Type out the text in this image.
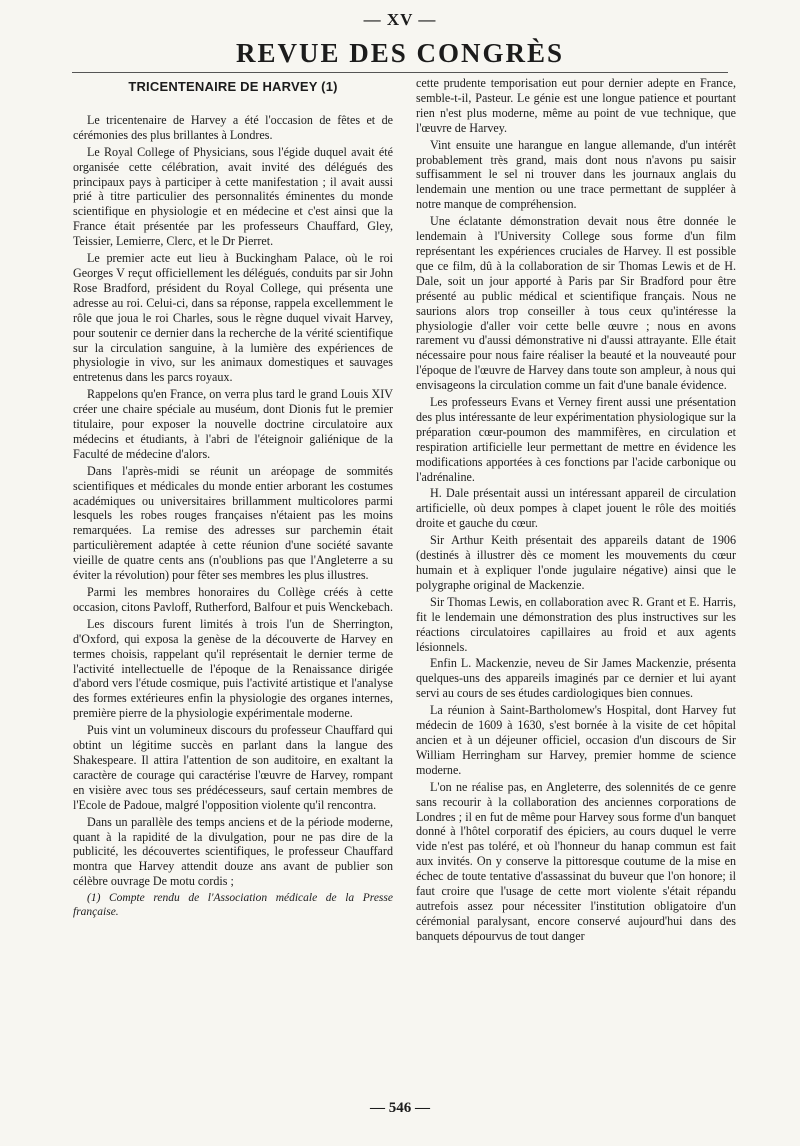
— XV —
REVUE DES CONGRÈS
TRICENTENAIRE DE HARVEY (1)

Le tricentenaire de Harvey a été l'occasion de fêtes et de cérémonies des plus brillantes à Londres.

Le Royal College of Physicians, sous l'égide duquel avait été organisée cette célébration, avait invité des délégués des principaux pays à participer à cette manifestation ; il avait aussi prié à titre particulier des personnalités éminentes du monde scientifique en physiologie et en médecine et c'est ainsi que la France était présentée par les professeurs Chauffard, Gley, Teissier, Lemierre, Clerc, et le Dr Pierret.

Le premier acte eut lieu à Buckingham Palace, où le roi Georges V reçut officiellement les délégués, conduits par sir John Rose Bradford, président du Royal College, qui présenta une adresse au roi. Celui-ci, dans sa réponse, rappela excellemment le rôle que joua le roi Charles, sous le règne duquel vivait Harvey, pour soutenir ce dernier dans la recherche de la vérité scientifique sur la circulation sanguine, à la lumière des expériences de physiologie in vivo, sur les animaux domestiques et sauvages entretenus dans les parcs royaux.

Rappelons qu'en France, on verra plus tard le grand Louis XIV créer une chaire spéciale au muséum, dont Dionis fut le premier titulaire, pour exposer la nouvelle doctrine circulatoire aux médecins et étudiants, à l'abri de l'éteignoir galiénique de la Faculté de médecine d'alors.

Dans l'après-midi se réunit un aréopage de sommités scientifiques et médicales du monde entier arborant les costumes académiques ou universitaires brillamment multicolores parmi lesquels les robes rouges françaises n'étaient pas les moins remarquées. La remise des adresses sur parchemin était particulièrement adaptée à cette réunion d'une société savante vieille de quatre cents ans (n'oublions pas que l'Angleterre a su éviter la révolution) pour fêter ses membres les plus illustres.

Parmi les membres honoraires du Collège créés à cette occasion, citons Pavloff, Rutherford, Balfour et puis Wenckebach.

Les discours furent limités à trois l'un de Sherrington, d'Oxford, qui exposa la genèse de la découverte de Harvey en termes choisis, rappelant qu'il représentait le dernier terme de l'activité intellectuelle de l'époque de la Renaissance dirigée d'abord vers l'étude cosmique, puis l'activité artistique et l'analyse des formes extérieures enfin la physiologie des organes internes, première pierre de la physiologie expérimentale moderne.

Puis vint un volumineux discours du professeur Chauffard qui obtint un légitime succès en parlant dans la langue des Shakespeare. Il attira l'attention de son auditoire, en exaltant la caractère de courage qui caractérise l'œuvre de Harvey, rompant en visière avec tous ses prédécesseurs, sauf certain membres de l'Ecole de Padoue, malgré l'opposition violente qu'il rencontra.

Dans un parallèle des temps anciens et de la période moderne, quant à la rapidité de la divulgation, pour ne pas dire de la publicité, les découvertes scientifiques, le professeur Chauffard montra que Harvey attendit douze ans avant de publier son célèbre ouvrage De motu cordis ;

(1) Compte rendu de l'Association médicale de la Presse française.

cette prudente temporisation eut pour dernier adepte en France, semble-t-il, Pasteur. Le génie est une longue patience et pourtant rien n'est plus moderne, même au point de vue technique, que l'œuvre de Harvey.

Vint ensuite une harangue en langue allemande, d'un intérêt probablement très grand, mais dont nous n'avons pu saisir suffisamment le sel ni trouver dans les journaux anglais du lendemain une mention ou une trace permettant de suppléer à notre manque de compréhension.

Une éclatante démonstration devait nous être donnée le lendemain à l'University College sous forme d'un film représentant les expériences cruciales de Harvey. Il est possible que ce film, dû à la collaboration de sir Thomas Lewis et de H. Dale, soit un jour apporté à Paris par Sir Bradford pour être présenté au public médical et scientifique français. Nous ne saurions alors trop conseiller à tous ceux qu'intéresse la physiologie d'aller voir cette belle œuvre ; nous en avons rarement vu d'aussi démonstrative ni d'aussi attrayante. Elle était nécessaire pour nous faire réaliser la beauté et la nouveauté pour l'époque de l'œuvre de Harvey dans toute son ampleur, à nous qui envisageons la circulation comme un fait d'une banale évidence.

Les professeurs Evans et Verney firent aussi une présentation des plus intéressante de leur expérimentation physiologique sur la préparation cœur-poumon des mammifères, en circulation et respiration artificielle leur permettant de mettre en évidence les modifications apportées à ces fonctions par l'acide carbonique ou l'adrénaline.

H. Dale présentait aussi un intéressant appareil de circulation artificielle, où deux pompes à clapet jouent le rôle des moitiés droite et gauche du cœur.

Sir Arthur Keith présentait des appareils datant de 1906 (destinés à illustrer dès ce moment les mouvements du cœur humain et à expliquer l'onde jugulaire négative) ainsi que le polygraphe original de Mackenzie.

Sir Thomas Lewis, en collaboration avec R. Grant et E. Harris, fit le lendemain une démonstration des plus instructives sur les réactions circulatoires capillaires au froid et aux agents lésionnels.

Enfin L. Mackenzie, neveu de Sir James Mackenzie, présenta quelques-uns des appareils imaginés par ce dernier et lui ayant servi au cours de ses études cardiologiques bien connues.

La réunion à Saint-Bartholomew's Hospital, dont Harvey fut médecin de 1609 à 1630, s'est bornée à la visite de cet hôpital ancien et à un déjeuner officiel, occasion d'un discours de Sir William Herringham sur Harvey, premier homme de science moderne.

L'on ne réalise pas, en Angleterre, des solennités de ce genre sans recourir à la collaboration des anciennes corporations de Londres ; il en fut de même pour Harvey sous forme d'un banquet donné à l'hôtel corporatif des épiciers, au cours duquel le verre vide n'est pas toléré, et où l'honneur du hanap commun est fait aux invités. On y conserve la pittoresque coutume de la mise en échec de toute tentative d'assassinat du buveur que l'on honore; il faut croire que l'usage de cette mort violente s'était répandu autrefois assez pour nécessiter l'institution obligatoire d'un cérémonial paralysant, encore conservé aujourd'hui dans des banquets dépourvus de tout danger

— 546 —
